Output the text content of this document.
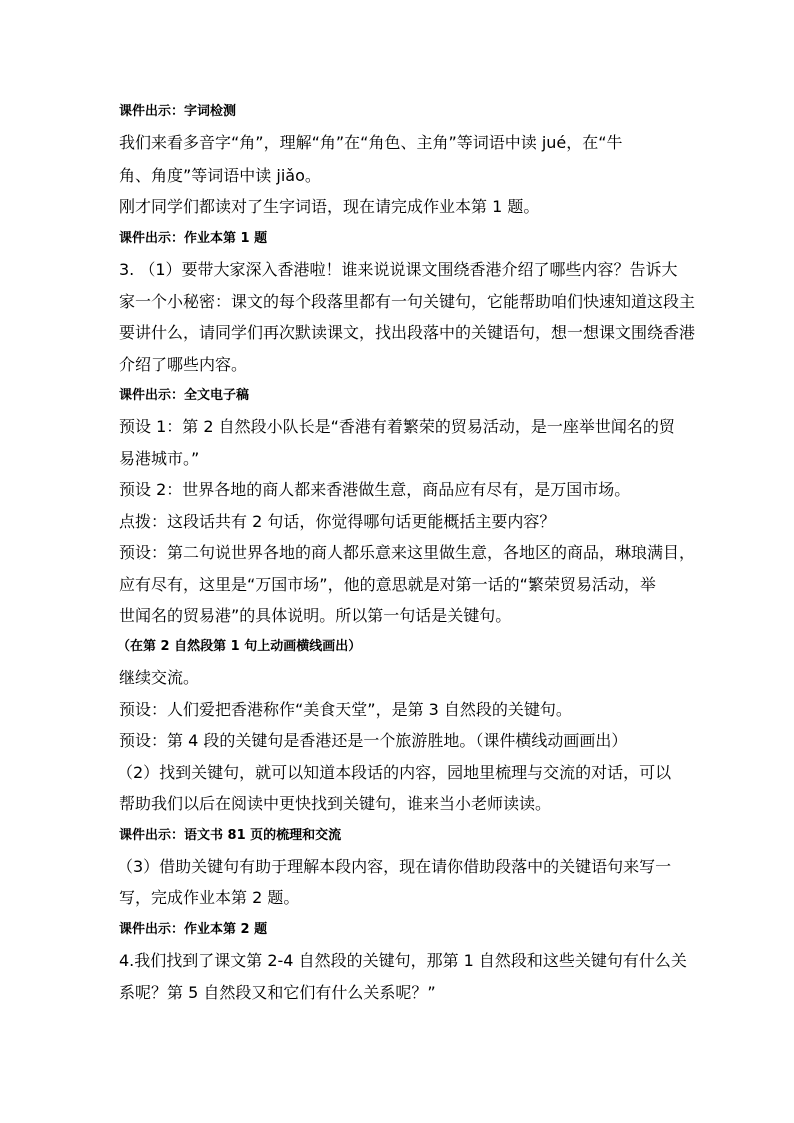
课件出示：字词检测
我们来看多音字“角”，理解“角”在“角色、主角”等词语中读 jué，在“牛
角、角度”等词语中读 jiǎo。
刚才同学们都读对了生字词语，现在请完成作业本第 1 题。
课件出示：作业本第 1 题
3. （1）要带大家深入香港啦！谁来说说课文围绕香港介绍了哪些内容？告诉大
家一个小秘密：课文的每个段落里都有一句关键句，它能帮助咱们快速知道这段主
要讲什么，请同学们再次默读课文，找出段落中的关键语句，想一想课文围绕香港
介绍了哪些内容。
课件出示：全文电子稿
预设 1：第 2 自然段小队长是“香港有着繁荣的贸易活动，是一座举世闻名的贸
易港城市。”
预设 2：世界各地的商人都来香港做生意，商品应有尽有，是万国市场。
点拨：这段话共有 2 句话，你觉得哪句话更能概括主要内容？
预设：第二句说世界各地的商人都乐意来这里做生意，各地区的商品，琳琅满目，
应有尽有，这里是“万国市场”，他的意思就是对第一话的“繁荣贸易活动，举
世闻名的贸易港”的具体说明。所以第一句话是关键句。
（在第 2 自然段第 1 句上动画横线画出）
继续交流。
预设：人们爱把香港称作“美食天堂”，是第 3 自然段的关键句。
预设：第 4 段的关键句是香港还是一个旅游胜地。（课件横线动画画出）
（2）找到关键句，就可以知道本段话的内容，园地里梳理与交流的对话，可以
帮助我们以后在阅读中更快找到关键句，谁来当小老师读读。
课件出示：语文书 81 页的梳理和交流
（3）借助关键句有助于理解本段内容，现在请你借助段落中的关键语句来写一
写，完成作业本第 2 题。
课件出示：作业本第 2 题
4.我们找到了课文第 2-4 自然段的关键句，那第 1 自然段和这些关键句有什么关
系呢？第 5 自然段又和它们有什么关系呢？”
